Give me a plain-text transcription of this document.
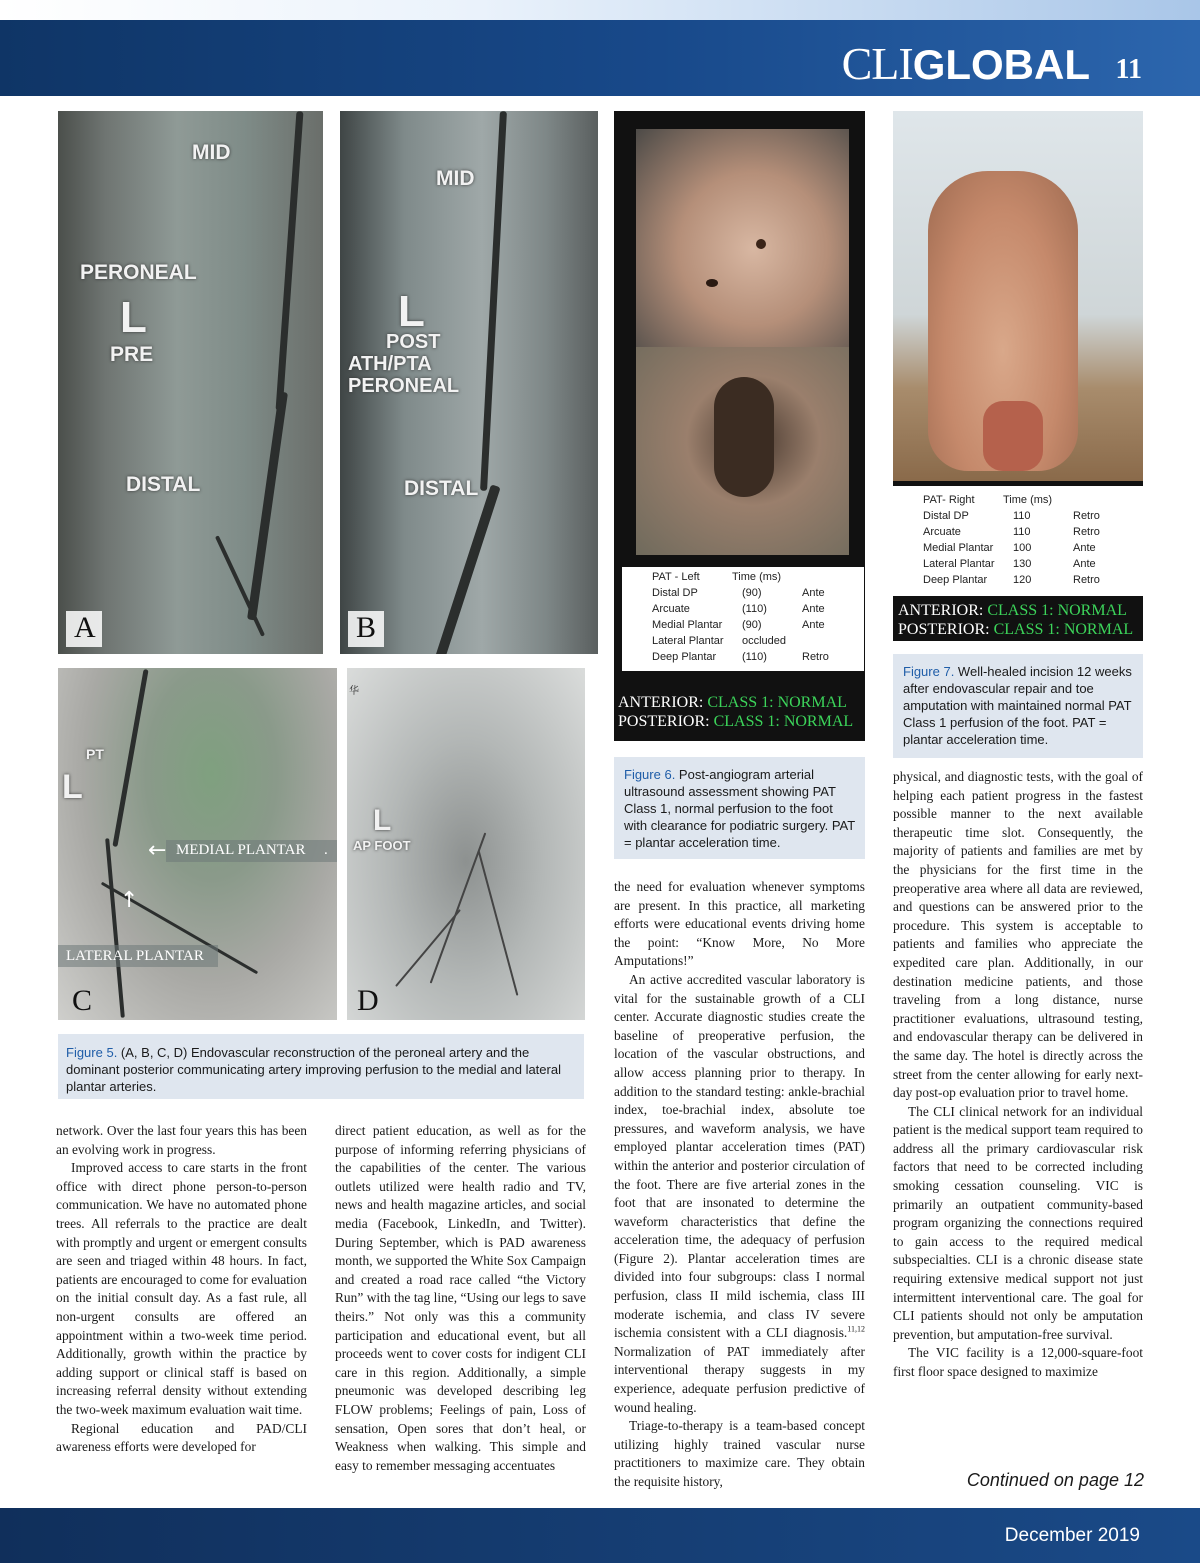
CLI GLOBAL 11
MID
PERONEAL
L
PRE
DISTAL
A
MID
L
POST
ATH/PTA
PERONEAL
DISTAL
B
PT
L
← MEDIAL PLANTAR .
↑
LATERAL PLANTAR
C
华
L
AP FOOT
D
Figure 5. (A, B, C, D) Endovascular reconstruction of the peroneal artery and the dominant posterior communicating artery improving perfusion to the medial and lateral plantar arteries.
PAT - Left	Time (ms)
Distal DP	(90)	Ante
Arcuate	(110)	Ante
Medial Plantar	(90)	Ante
Lateral Plantar	occluded
Deep Plantar	(110)	Retro
ANTERIOR: CLASS 1: NORMAL
POSTERIOR: CLASS 1: NORMAL
Figure 6. Post-angiogram arterial ultrasound assessment showing PAT Class 1, normal perfusion to the foot with clearance for podiatric surgery. PAT = plantar acceleration time.
PAT- Right	Time (ms)
Distal DP	110	Retro
Arcuate	110	Retro
Medial Plantar	100	Ante
Lateral Plantar	130	Ante
Deep Plantar	120	Retro
ANTERIOR: CLASS 1: NORMAL
POSTERIOR: CLASS 1: NORMAL
Figure 7. Well-healed incision 12 weeks after endovascular repair and toe amputation with maintained normal PAT Class 1 perfusion of the foot. PAT = plantar acceleration time.

network. Over the last four years this has been an evolving work in progress.

Improved access to care starts in the front office with direct phone person-to-person communication. We have no automated phone trees. All referrals to the practice are dealt with promptly and urgent or emergent consults are seen and triaged within 48 hours. In fact, patients are encouraged to come for evaluation on the initial consult day. As a fast rule, all non-urgent consults are offered an appointment within a two-week time period. Additionally, growth within the practice by adding support or clinical staff is based on increasing referral density without extending the two-week maximum evaluation wait time.

Regional education and PAD/CLI awareness efforts were developed for

direct patient education, as well as for the purpose of informing referring physicians of the capabilities of the center. The various outlets utilized were health radio and TV, news and health magazine articles, and social media (Facebook, LinkedIn, and Twitter). During September, which is PAD awareness month, we supported the White Sox Campaign and created a road race called “the Victory Run” with the tag line, “Using our legs to save theirs.” Not only was this a community participation and educational event, but all proceeds went to cover costs for indigent CLI care in this region. Additionally, a simple pneumonic was developed describing leg FLOW problems; Feelings of pain, Loss of sensation, Open sores that don’t heal, or Weakness when walking. This simple and easy to remember messaging accentuates

the need for evaluation whenever symptoms are present. In this practice, all marketing efforts were educational events driving home the point: “Know More, No More Amputations!”

An active accredited vascular laboratory is vital for the sustainable growth of a CLI center. Accurate diagnostic studies create the baseline of preoperative perfusion, the location of the vascular obstructions, and allow access planning prior to therapy. In addition to the standard testing: ankle-brachial index, toe-brachial index, absolute toe pressures, and waveform analysis, we have employed plantar acceleration times (PAT) within the anterior and posterior circulation of the foot. There are five arterial zones in the foot that are insonated to determine the waveform characteristics that define the acceleration time, the adequacy of perfusion (Figure 2). Plantar acceleration times are divided into four subgroups: class I normal perfusion, class II mild ischemia, class III moderate ischemia, and class IV severe ischemia consistent with a CLI diagnosis.$^{11,12}$ Normalization of PAT immediately after interventional therapy suggests in my experience, adequate perfusion predictive of wound healing.

Triage-to-therapy is a team-based concept utilizing highly trained vascular nurse practitioners to maximize care. They obtain the requisite history,

physical, and diagnostic tests, with the goal of helping each patient progress in the fastest possible manner to the next available therapeutic time slot. Consequently, the majority of patients and families are met by the physicians for the first time in the preoperative area where all data are reviewed, and questions can be answered prior to the procedure. This system is acceptable to patients and families who appreciate the expedited care plan. Additionally, in our destination medicine patients, and those traveling from a long distance, nurse practitioner evaluations, ultrasound testing, and endovascular therapy can be delivered in the same day. The hotel is directly across the street from the center allowing for early next-day post-op evaluation prior to travel home.

The CLI clinical network for an individual patient is the medical support team required to address all the primary cardiovascular risk factors that need to be corrected including smoking cessation counseling. VIC is primarily an outpatient community-based program organizing the connections required to gain access to the required medical subspecialties. CLI is a chronic disease state requiring extensive medical support not just intermittent interventional care. The goal for CLI patients should not only be amputation prevention, but amputation-free survival.

The VIC facility is a 12,000-square-foot first floor space designed to maximize

Continued on page 12
December 2019
